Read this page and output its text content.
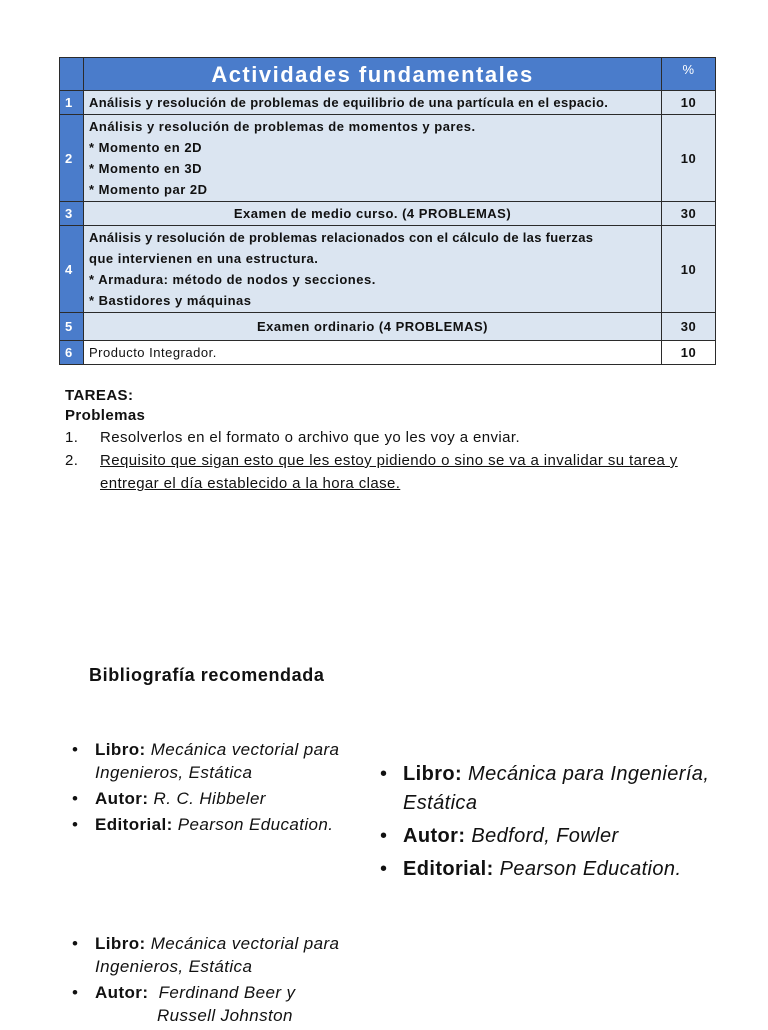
	Actividades fundamentales	%
1	Análisis y resolución de problemas de equilibrio de una partícula en el espacio.	10
2	Análisis y resolución de problemas de momentos y pares.
* Momento en 2D
* Momento en 3D
* Momento par 2D	10
3	Examen de medio curso. (4 PROBLEMAS)	30
4	Análisis y resolución de problemas relacionados con el cálculo de las fuerzas
que intervienen en una estructura.
* Armadura: método de nodos y secciones.
* Bastidores y máquinas	10
5	Examen ordinario (4 PROBLEMAS)	30
6	Producto Integrador.	10
TAREAS:
Problemas
1. Resolverlos en el formato o archivo que yo les voy a enviar.
2. Requisito que sigan esto que les estoy pidiendo o sino se va a invalidar su tarea y entregar el día establecido a la hora clase.
Bibliografía recomendada
• Libro: Mecánica vectorial para Ingenieros, Estática
• Autor: R. C. Hibbeler
• Editorial: Pearson Education.
• Libro: Mecánica para Ingeniería, Estática
• Autor: Bedford, Fowler
• Editorial: Pearson Education.
• Libro: Mecánica vectorial para Ingenieros, Estática
• Autor: Ferdinand Beer y
Russell Johnston
